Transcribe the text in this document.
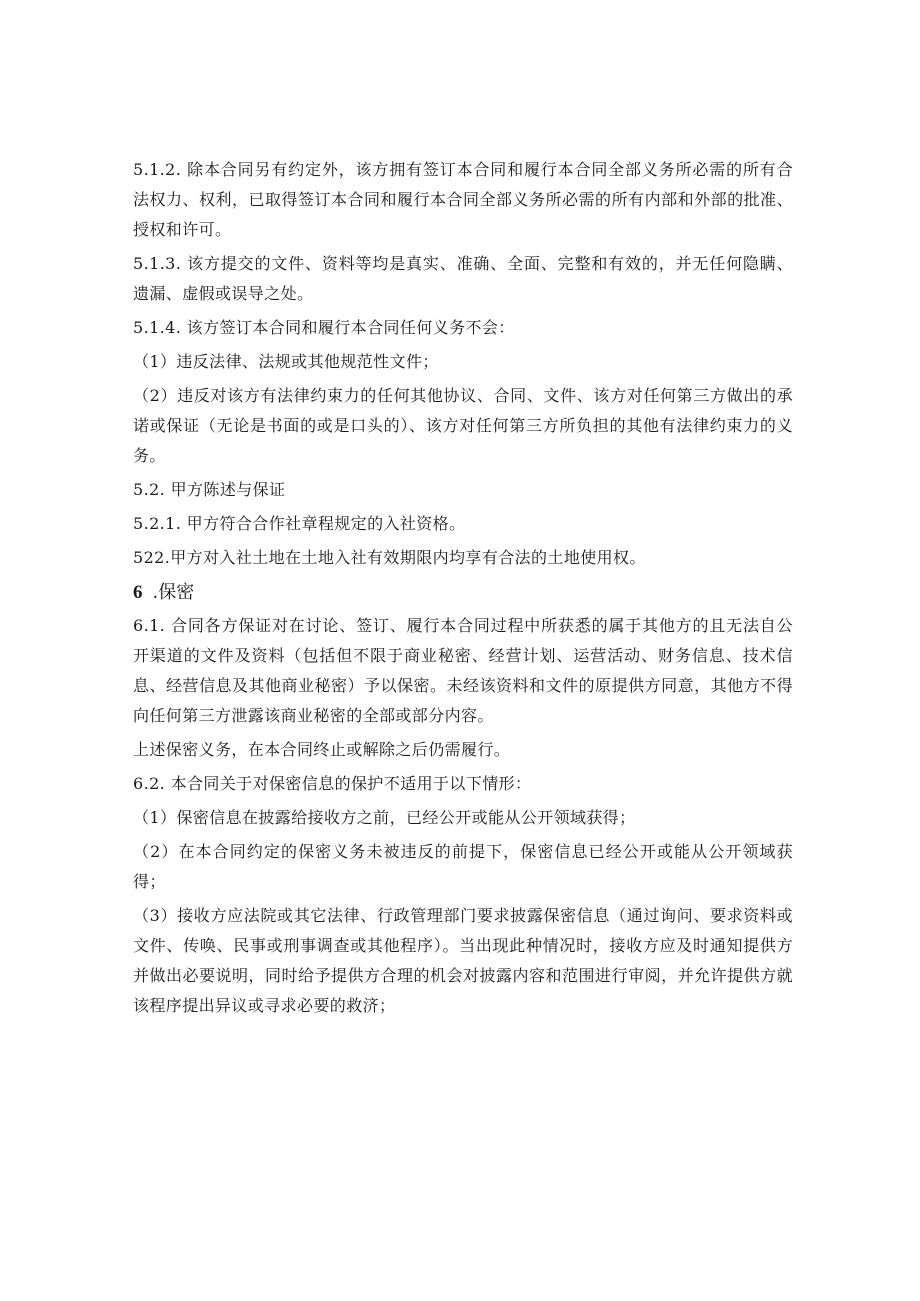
5.1.2. 除本合同另有约定外，该方拥有签订本合同和履行本合同全部义务所必需的所有合法权力、权利，已取得签订本合同和履行本合同全部义务所必需的所有内部和外部的批准、授权和许可。

5.1.3. 该方提交的文件、资料等均是真实、准确、全面、完整和有效的，并无任何隐瞒、遗漏、虚假或误导之处。

5.1.4. 该方签订本合同和履行本合同任何义务不会：

（1）违反法律、法规或其他规范性文件；

（2）违反对该方有法律约束力的任何其他协议、合同、文件、该方对任何第三方做出的承诺或保证（无论是书面的或是口头的）、该方对任何第三方所负担的其他有法律约束力的义务。

5.2. 甲方陈述与保证

5.2.1. 甲方符合合作社章程规定的入社资格。

522.甲方对入社土地在土地入社有效期限内均享有合法的土地使用权。

6 .保密

6.1. 合同各方保证对在讨论、签订、履行本合同过程中所获悉的属于其他方的且无法自公开渠道的文件及资料（包括但不限于商业秘密、经营计划、运营活动、财务信息、技术信息、经营信息及其他商业秘密）予以保密。未经该资料和文件的原提供方同意，其他方不得向任何第三方泄露该商业秘密的全部或部分内容。

上述保密义务，在本合同终止或解除之后仍需履行。

6.2. 本合同关于对保密信息的保护不适用于以下情形：

（1）保密信息在披露给接收方之前，已经公开或能从公开领域获得；

（2）在本合同约定的保密义务未被违反的前提下，保密信息已经公开或能从公开领域获得；

（3）接收方应法院或其它法律、行政管理部门要求披露保密信息（通过询问、要求资料或文件、传唤、民事或刑事调查或其他程序）。当出现此种情况时，接收方应及时通知提供方并做出必要说明，同时给予提供方合理的机会对披露内容和范围进行审阅，并允许提供方就该程序提出异议或寻求必要的救济；
